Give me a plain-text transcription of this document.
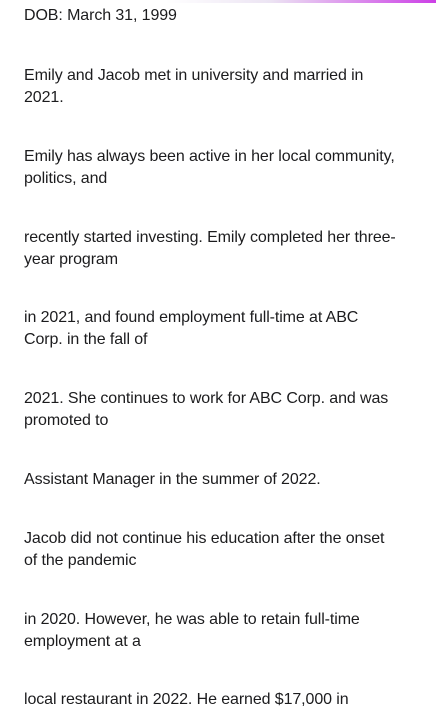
DOB: March 31, 1999

Emily and Jacob met in university and married in 2021.

Emily has always been active in her local community, politics, and

recently started investing. Emily completed her three-year program

in 2021, and found employment full-time at ABC Corp. in the fall of

2021. She continues to work for ABC Corp. and was promoted to

Assistant Manager in the summer of 2022.

Jacob did not continue his education after the onset of the pandemic

in 2020. However, he was able to retain full-time employment at a

local restaurant in 2022. He earned $17,000 in
